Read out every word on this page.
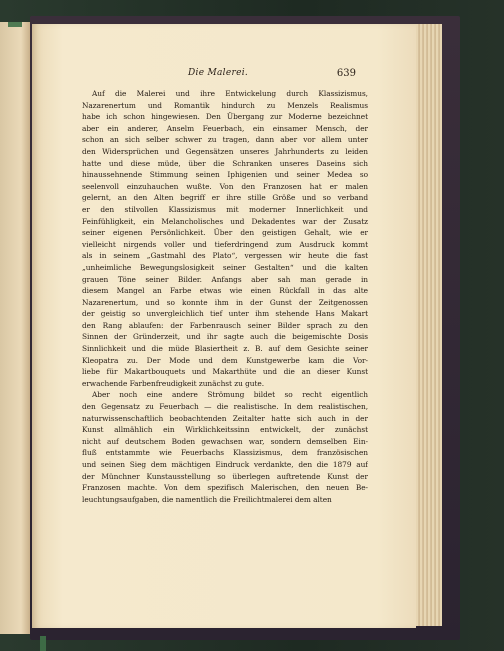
Die Malerei.	639
Auf die Malerei und ihre Entwickelung durch Klassizismus,
Nazarenertum und Romantik hindurch zu Menzels Realismus
habe ich schon hingewiesen. Den Übergang zur Moderne bezeichnet
aber ein anderer, Anselm Feuerbach, ein einsamer Mensch, der
schon an sich selber schwer zu tragen, dann aber vor allem unter
den Widersprüchen und Gegensätzen unseres Jahrhunderts zu leiden
hatte und diese müde, über die Schranken unseres Daseins sich
hinaussehnende Stimmung seinen Iphigenien und seiner Medea so
seelenvoll einzuhauchen wußte. Von den Franzosen hat er malen
gelernt, an den Alten begriff er ihre stille Größe und so verband
er den stilvollen Klassizismus mit moderner Innerlichkeit und
Feinfühligkeit, ein Melancholisches und Dekadentes war der Zusatz
seiner eigenen Persönlichkeit. Über den geistigen Gehalt, wie er
vielleicht nirgends voller und tieferdringend zum Ausdruck kommt
als in seinem „Gastmahl des Plato“, vergessen wir heute die fast
„unheimliche Bewegungslosigkeit seiner Gestalten“ und die kalten
grauen Töne seiner Bilder. Anfangs aber sah man gerade in
diesem Mangel an Farbe etwas wie einen Rückfall in das alte
Nazarenertum, und so konnte ihm in der Gunst der Zeitgenossen
der geistig so unvergleichlich tief unter ihm stehende Hans Makart
den Rang ablaufen: der Farbenrausch seiner Bilder sprach zu den
Sinnen der Gründerzeit, und ihr sagte auch die beigemischte Dosis
Sinnlichkeit und die müde Blasiertheit z. B. auf dem Gesichte seiner
Kleopatra zu. Der Mode und dem Kunstgewerbe kam die Vor-
liebe für Makartbouquets und Makarthüte und die an dieser Kunst
erwachende Farbenfreudigkeit zunächst zu gute.
Aber noch eine andere Strömung bildet so recht eigentlich
den Gegensatz zu Feuerbach — die realistische. In dem realistischen,
naturwissenschaftlich beobachtenden Zeitalter hatte sich auch in der
Kunst allmählich ein Wirklichkeitssinn entwickelt, der zunächst
nicht auf deutschem Boden gewachsen war, sondern demselben Ein-
fluß entstammte wie Feuerbachs Klassizismus, dem französischen
und seinen Sieg dem mächtigen Eindruck verdankte, den die 1879 auf
der Münchner Kunstausstellung so überlegen auftretende Kunst der
Franzosen machte. Von dem spezifisch Malerischen, den neuen Be-
leuchtungsaufgaben, die namentlich die Freilichtmalerei dem alten
